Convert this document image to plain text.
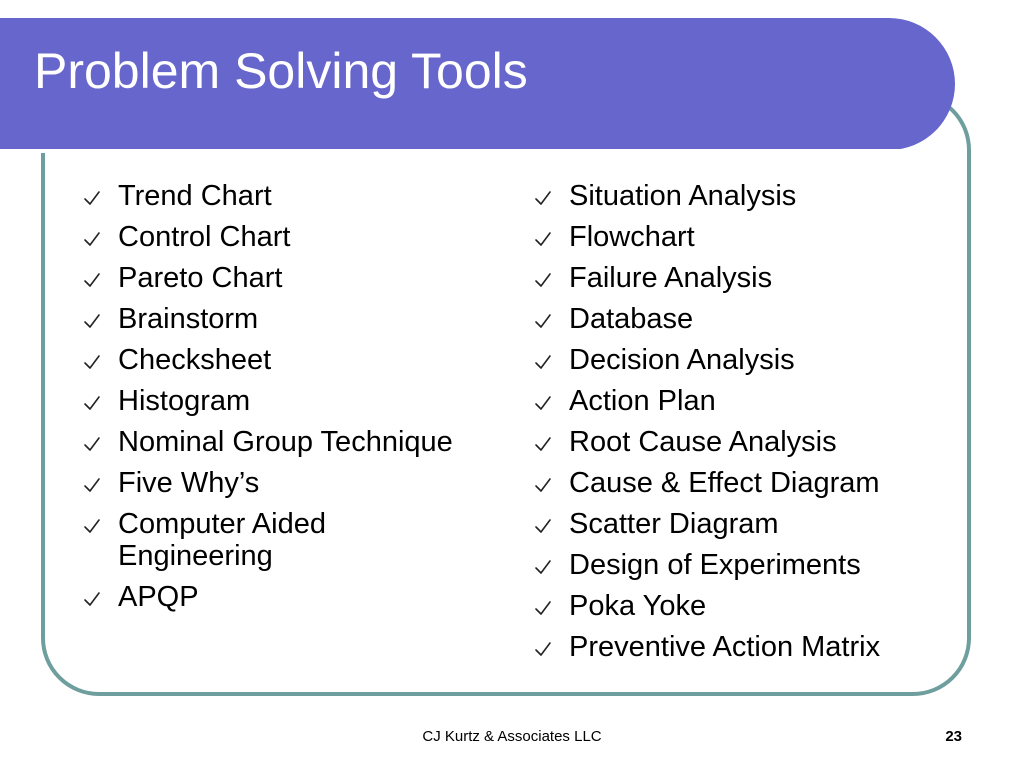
Problem Solving Tools
Trend Chart
Control Chart
Pareto Chart
Brainstorm
Checksheet
Histogram
Nominal Group Technique
Five Why’s
Computer Aided Engineering
APQP
Situation Analysis
Flowchart
Failure Analysis
Database
Decision Analysis
Action Plan
Root Cause Analysis
Cause & Effect Diagram
Scatter Diagram
Design of Experiments
Poka Yoke
Preventive Action Matrix
CJ Kurtz & Associates LLC	23
